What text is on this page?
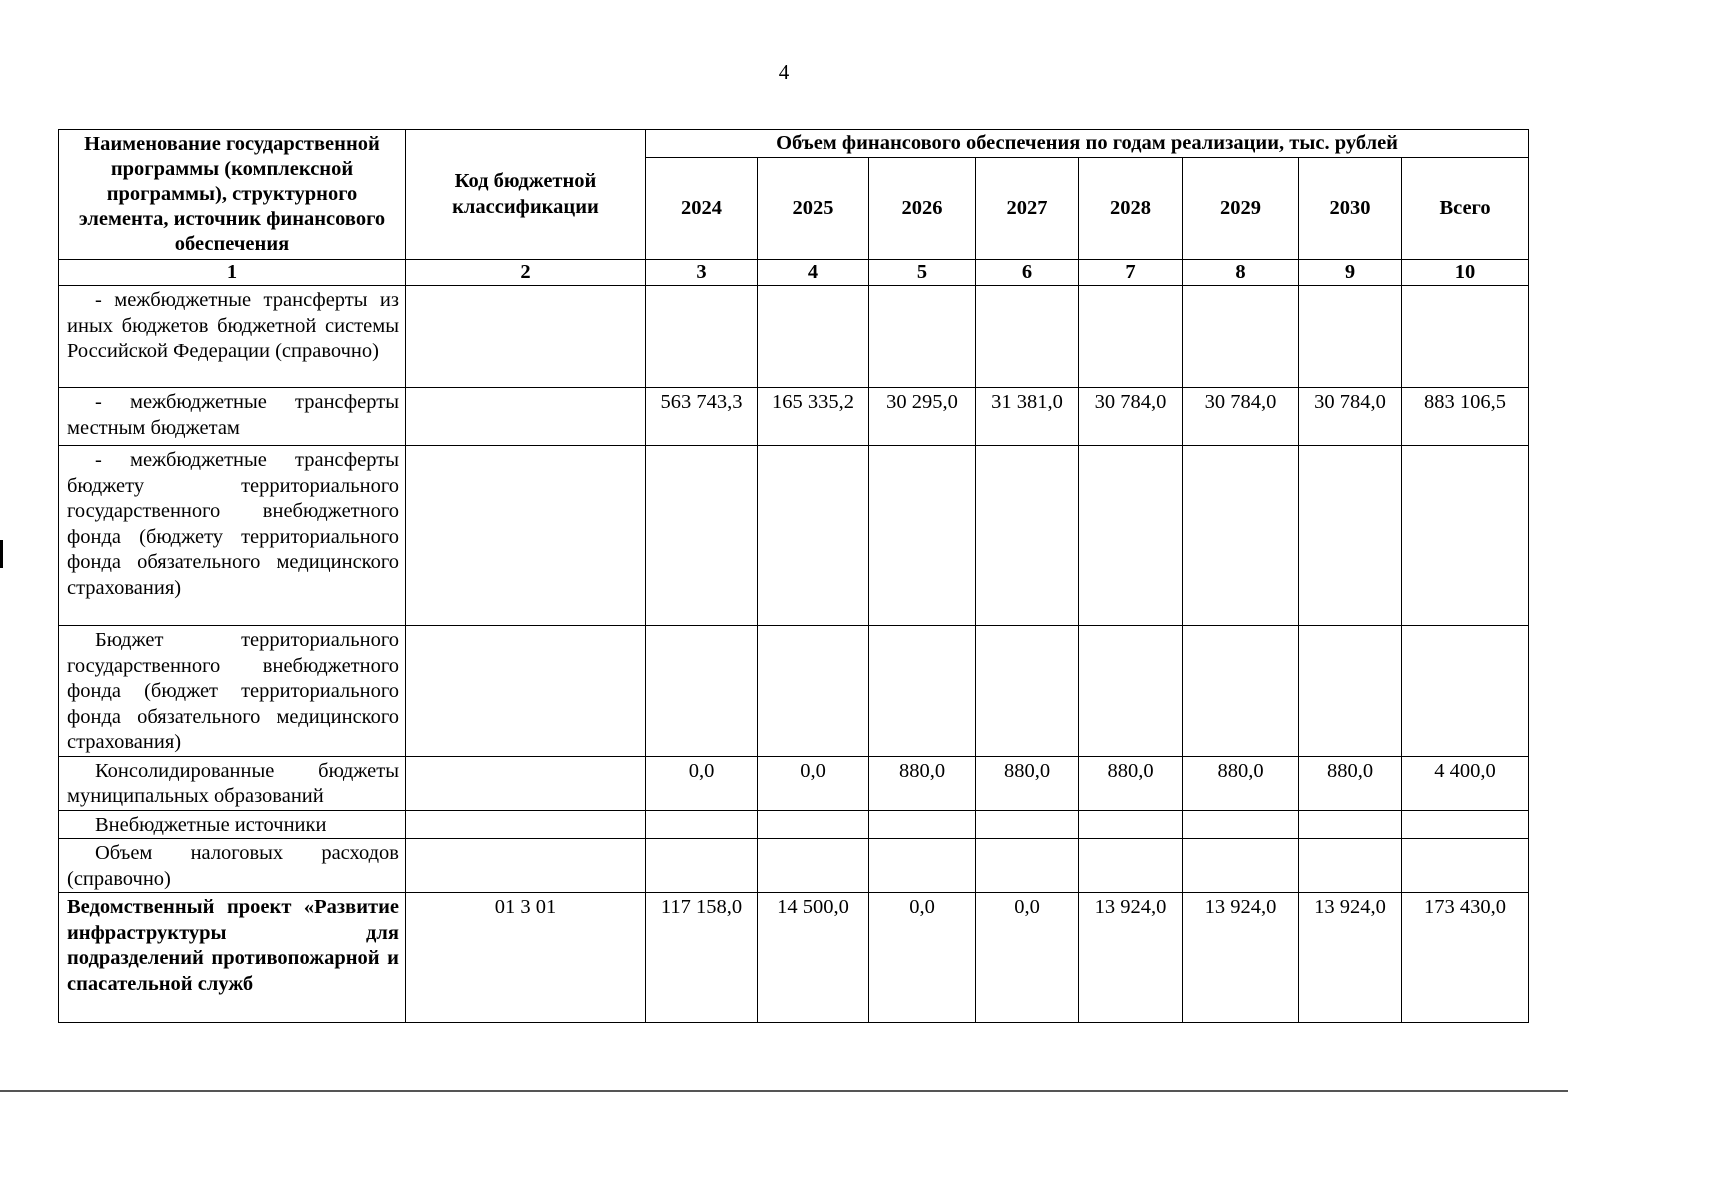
4
Наименование государственной программы (комплексной программы), структурного элемента, источник финансового обеспечения	Код бюджетной классификации	Объем финансового обеспечения по годам реализации, тыс. рублей							
		2024	2025	2026	2027	2028	2029	2030	Всего
1	2	3	4	5	6	7	8	9	10

- межбюджетные трансферты из иных бюджетов бюджетной системы Российской Федерации (справочно)									

- межбюджетные трансферты местным бюджетам		563 743,3	165 335,2	30 295,0	31 381,0	30 784,0	30 784,0	30 784,0	883 106,5

- межбюджетные трансферты бюджету территориального государственного внебюджетного фонда (бюджету территориального фонда обязательного медицинского страхования)									

Бюджет территориального государственного внебюджетного фонда (бюджет территориального фонда обязательного медицинского страхования)									

Консолидированные бюджеты муниципальных образований		0,0	0,0	880,0	880,0	880,0	880,0	880,0	4 400,0

Внебюджетные источники									

Объем налоговых расходов (справочно)									

Ведомственный проект «Развитие инфраструктуры для подразделений противопожарной и спасательной служб	01 3 01	117 158,0	14 500,0	0,0	0,0	13 924,0	13 924,0	13 924,0	173 430,0
